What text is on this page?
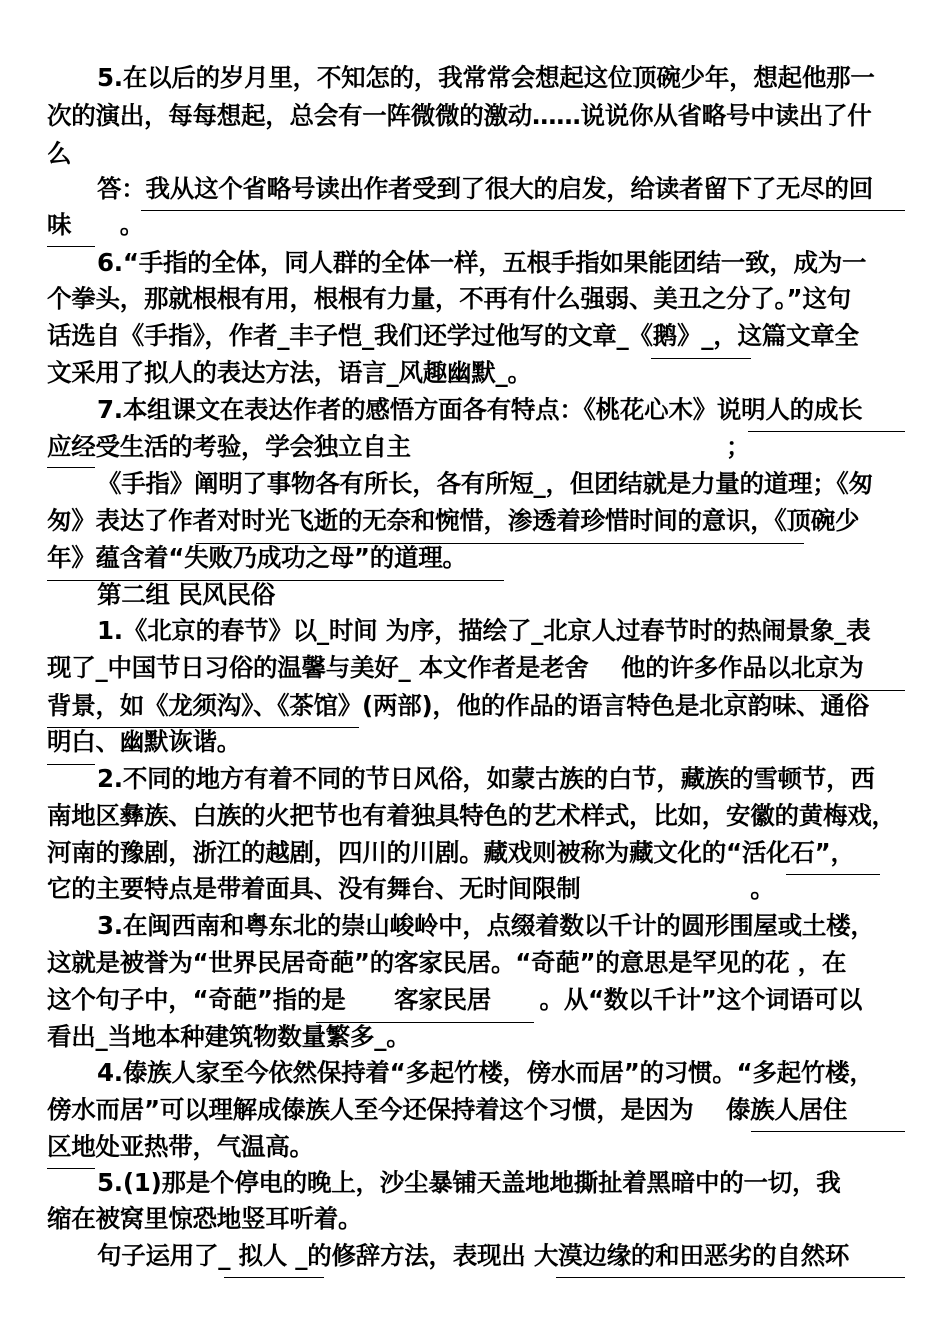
5.在以后的岁月里，不知怎的，我常常会想起这位顶碗少年，想起他那一
次的演出，每每想起，总会有一阵微微的激动……说说你从省略号中读出了什
么
答：我从这个省略号读出作者受到了很大的启发，给读者留下了无尽的回
味　　。
6.“手指的全体，同人群的全体一样，五根手指如果能团结一致，成为一
个拳头，那就根根有用，根根有力量，不再有什么强弱、美丑之分了。”这句
话选自《手指》，作者_丰子恺_我们还学过他写的文章_《鹅》_，这篇文章全
文采用了拟人的表达方法，语言_风趣幽默_。
7.本组课文在表达作者的感悟方面各有特点：《桃花心木》说明人的成长
应经受生活的考验，学会独立自主　　　　　　　　　　　　　；
《手指》阐明了事物各有所长，各有所短_，但团结就是力量的道理；《匆
匆》表达了作者对时光飞逝的无奈和惋惜，渗透着珍惜时间的意识，《顶碗少
年》蕴含着“失败乃成功之母”的道理。
第二组 民风民俗
1.《北京的春节》以_时间 为序，描绘了_北京人过春节时的热闹景象_表
现了_中国节日习俗的温馨与美好_ 本文作者是老舍　 他的许多作品以北京为
背景，如《龙须沟》、《茶馆》(两部)，他的作品的语言特色是北京韵味、通俗
明白、幽默诙谐。
2.不同的地方有着不同的节日风俗，如蒙古族的白节，藏族的雪顿节，西
南地区彝族、白族的火把节也有着独具特色的艺术样式，比如，安徽的黄梅戏，
河南的豫剧，浙江的越剧，四川的川剧。藏戏则被称为藏文化的“活化石”，
它的主要特点是带着面具、没有舞台、无时间限制　　　　　　　。
3.在闽西南和粤东北的崇山峻岭中，点缀着数以千计的圆形围屋或土楼，
这就是被誉为“世界民居奇葩”的客家民居。“奇葩”的意思是罕见的花 ，在
这个句子中，“奇葩”指的是　　客家民居　　。从“数以千计”这个词语可以
看出_当地本种建筑物数量繁多_。
4.傣族人家至今依然保持着“多起竹楼，傍水而居”的习惯。“多起竹楼，
傍水而居”可以理解成傣族人至今还保持着这个习惯，是因为　 傣族人居住
区地处亚热带，气温高。
5.(1)那是个停电的晚上，沙尘暴铺天盖地地撕扯着黑暗中的一切，我
缩在被窝里惊恐地竖耳听着。
句子运用了_ 拟人 _的修辞方法，表现出 大漠边缘的和田恶劣的自然环
